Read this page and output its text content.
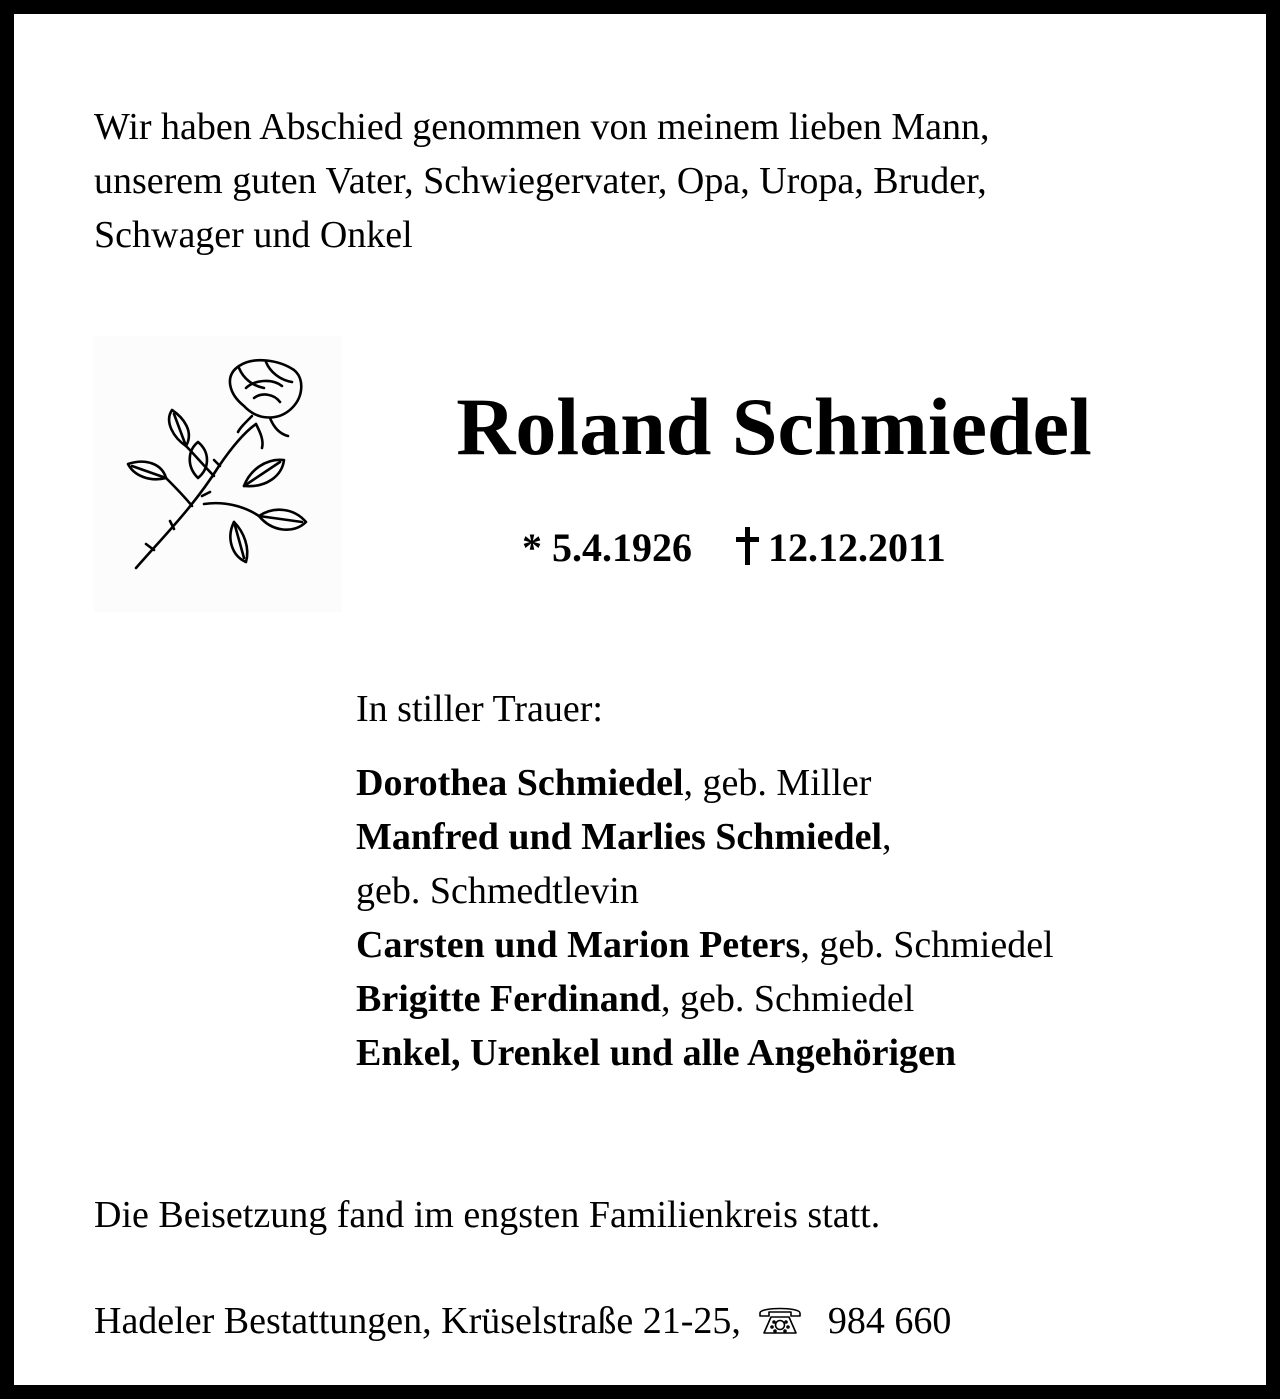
Wir haben Abschied genommen von meinem lieben Mann,
unserem guten Vater, Schwiegervater, Opa, Uropa, Bruder,
Schwager und Onkel

Roland Schmiedel
* 5.4.1926 12.12.2011
In stiller Trauer:
Dorothea Schmiedel, geb. Miller
Manfred und Marlies Schmiedel,
geb. Schmedtlevin
Carsten und Marion Peters, geb. Schmiedel
Brigitte Ferdinand, geb. Schmiedel
Enkel, Urenkel und alle Angehörigen
Die Beisetzung fand im engsten Familienkreis statt.
Hadeler Bestattungen, Krüselstraße 21-25, 984 660
